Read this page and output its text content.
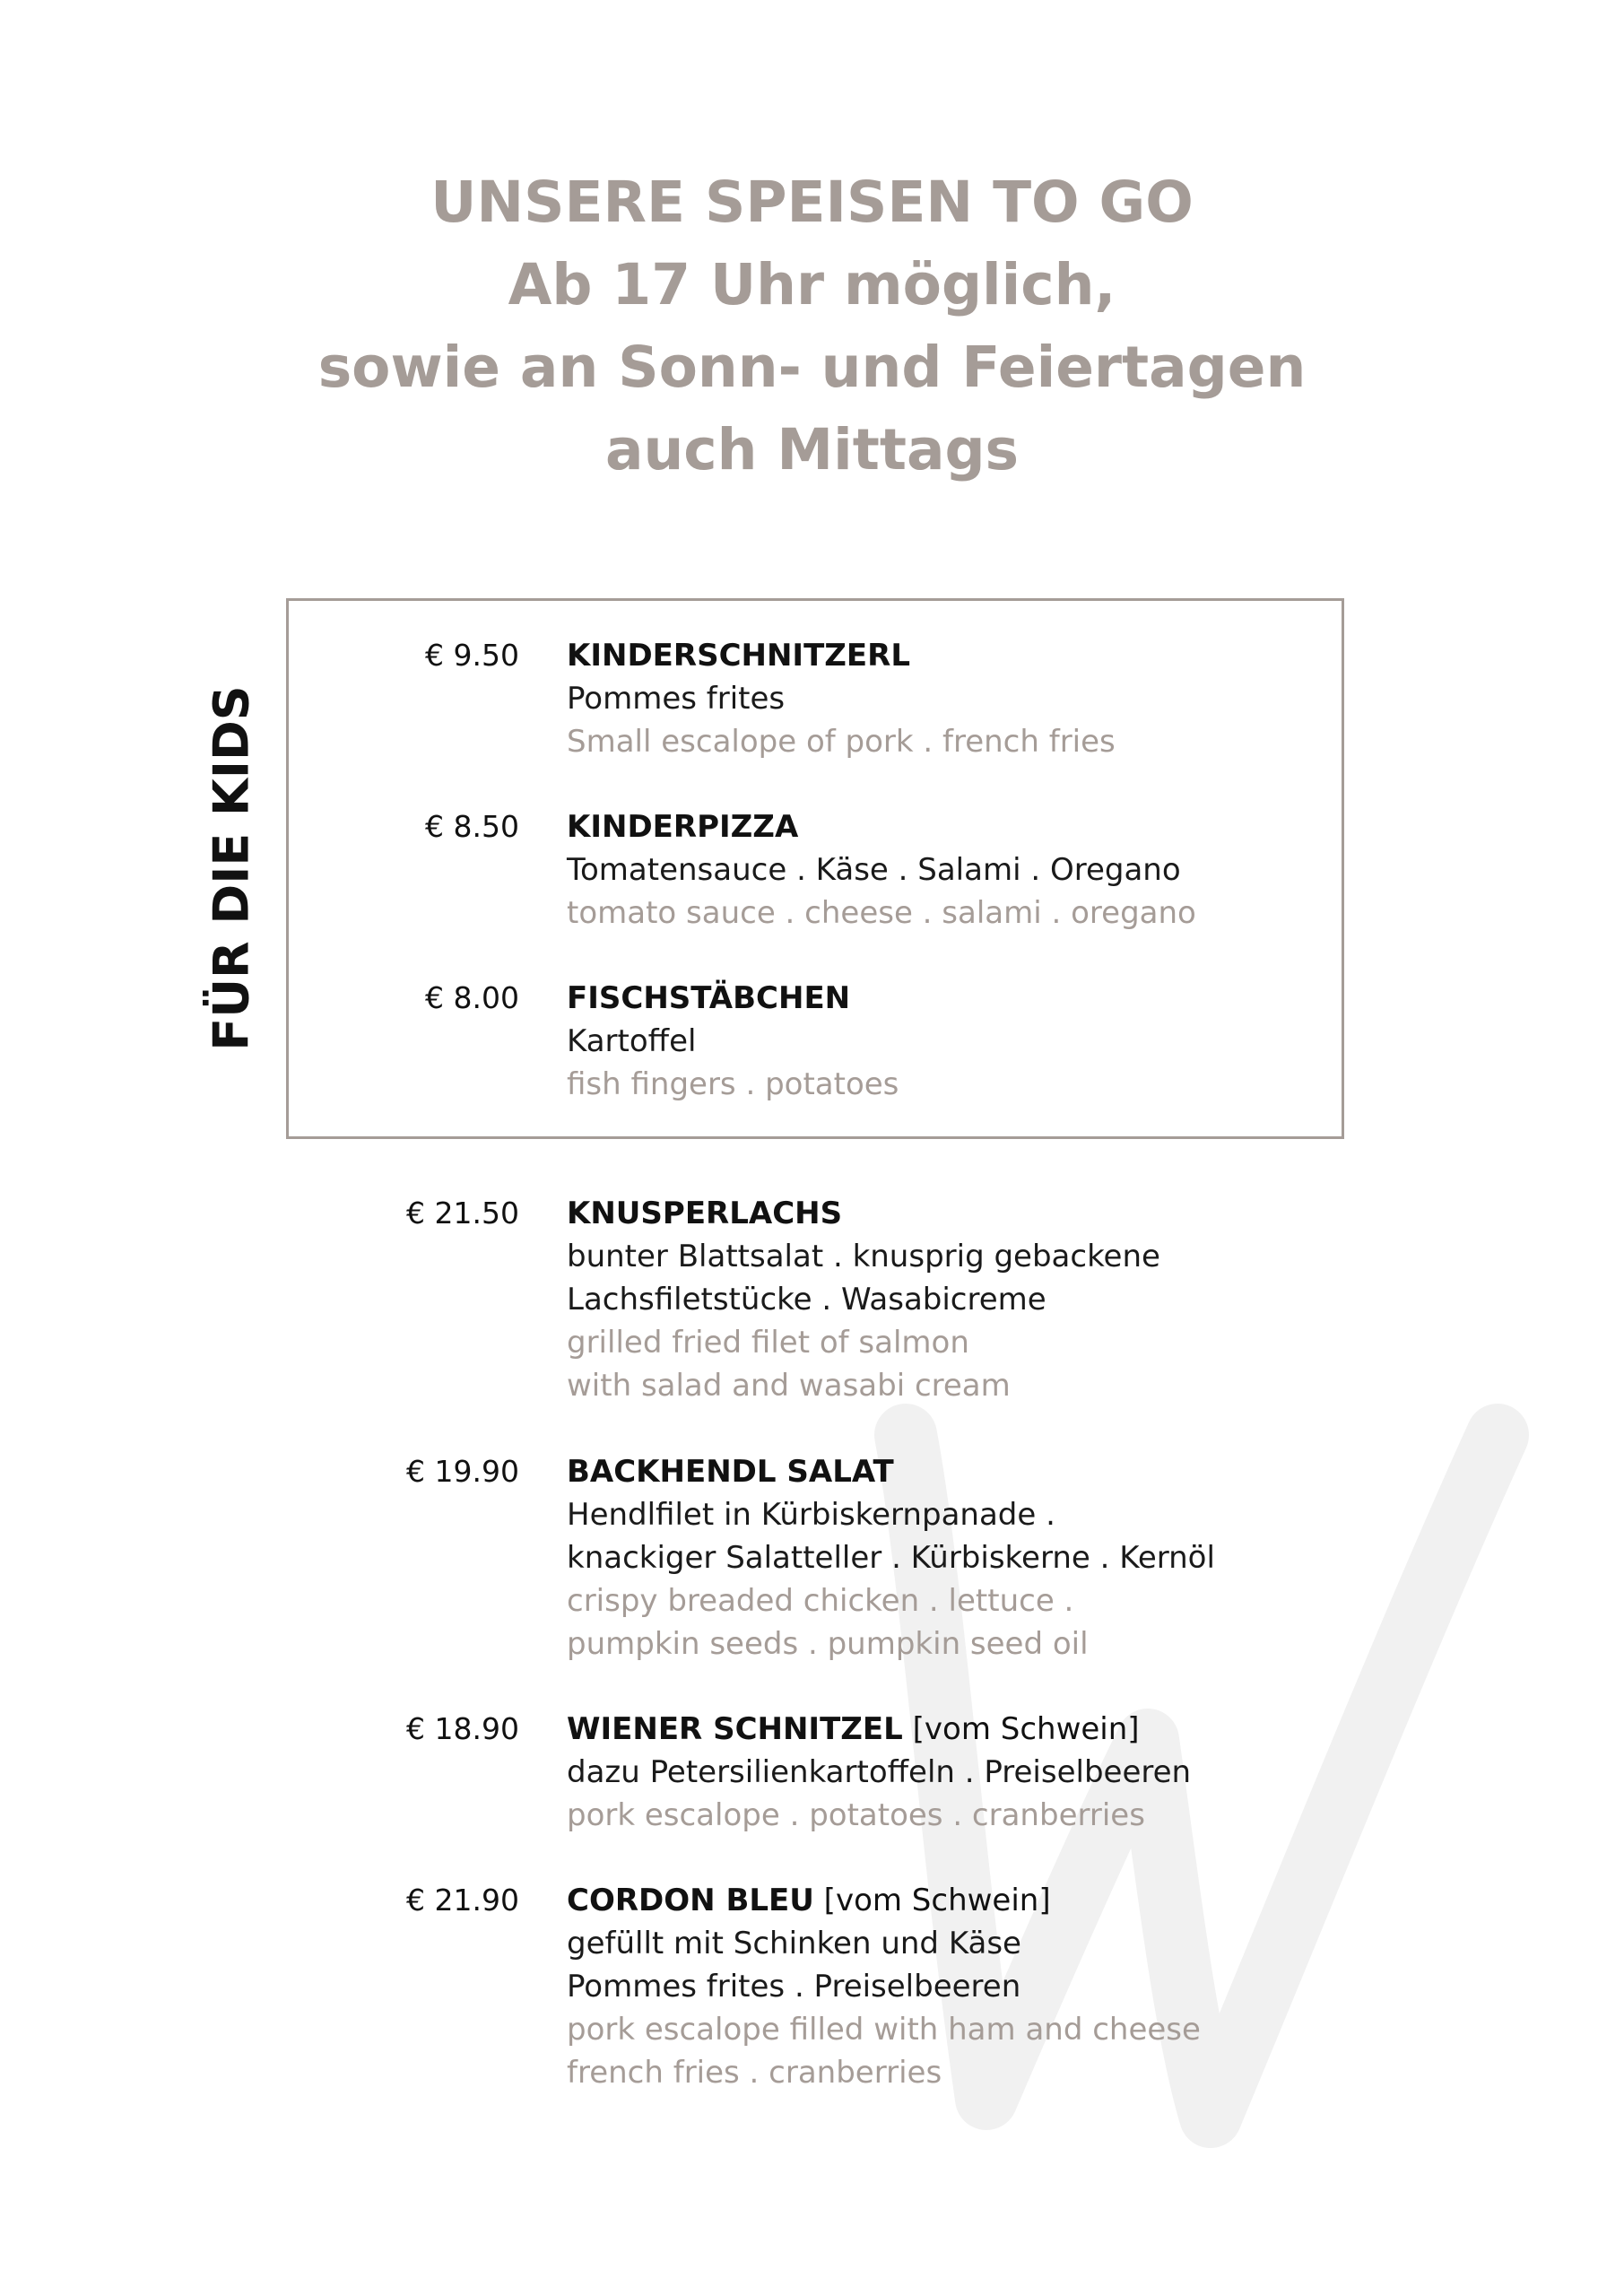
UNSERE SPEISEN TO GO
Ab 17 Uhr möglich,
sowie an Sonn- und Feiertagen
auch Mittags
FÜR DIE KIDS
€ 9.50 KINDERSCHNITZERL
Pommes frites
Small escalope of pork . french fries
€ 8.50 KINDERPIZZA
Tomatensauce . Käse . Salami . Oregano
tomato sauce . cheese . salami . oregano
€ 8.00 FISCHSTÄBCHEN
Kartoffel
fish fingers . potatoes
€ 21.50 KNUSPERLACHS
bunter Blattsalat . knusprig gebackene
Lachsfiletstücke . Wasabicreme
grilled fried filet of salmon
with salad and wasabi cream
€ 19.90 BACKHENDL SALAT
Hendlfilet in Kürbiskernpanade .
knackiger Salatteller . Kürbiskerne . Kernöl
crispy breaded chicken . lettuce .
pumpkin seeds . pumpkin seed oil
€ 18.90 WIENER SCHNITZEL [vom Schwein]
dazu Petersilienkartoffeln . Preiselbeeren
pork escalope . potatoes . cranberries
€ 21.90 CORDON BLEU [vom Schwein]
gefüllt mit Schinken und Käse
Pommes frites . Preiselbeeren
pork escalope filled with ham and cheese
french fries . cranberries
